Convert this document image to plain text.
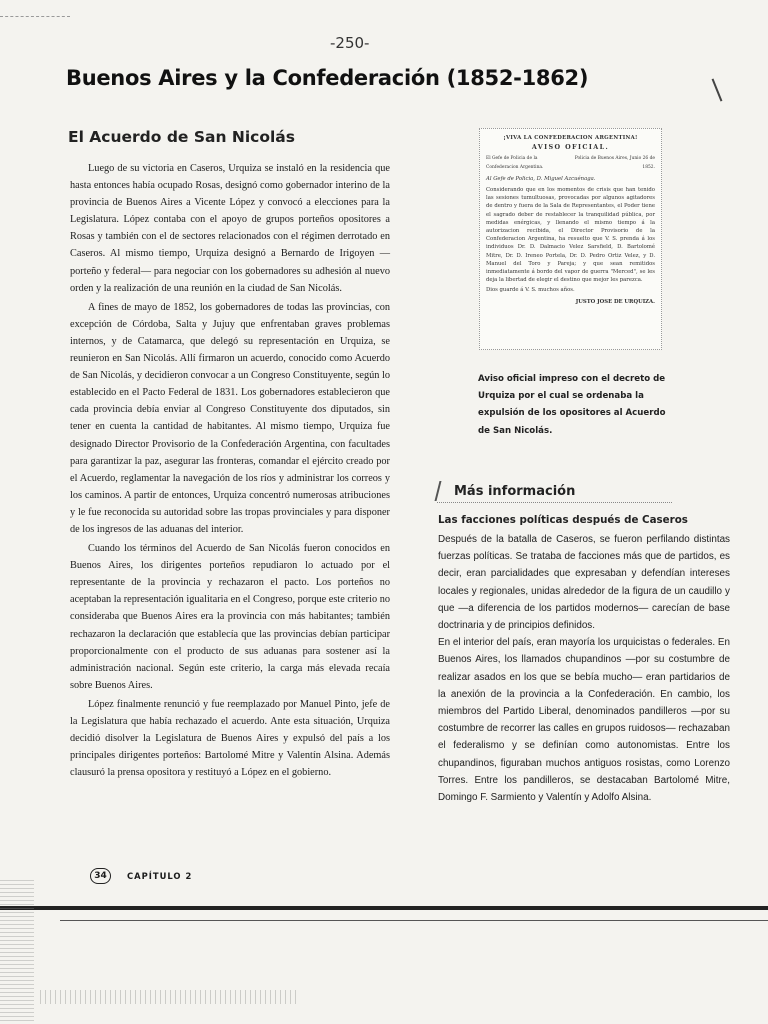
-250-
Buenos Aires y la Confederación (1852-1862)
El Acuerdo de San Nicolás

Luego de su victoria en Caseros, Urquiza se instaló en la residencia que hasta entonces había ocupado Rosas, designó como gobernador interino de la provincia de Buenos Aires a Vicente López y convocó a elecciones para la Legislatura. López contaba con el apoyo de grupos porteños opositores a Rosas y también con el de sectores relacionados con el régimen derrotado en Caseros. Al mismo tiempo, Urquiza designó a Bernardo de Irigoyen —porteño y federal— para negociar con los gobernadores su adhesión al nuevo orden y la realización de una reunión en la ciudad de San Nicolás.

A fines de mayo de 1852, los gobernadores de todas las provincias, con excepción de Córdoba, Salta y Jujuy que enfrentaban graves problemas internos, y de Catamarca, que delegó su representación en Urquiza, se reunieron en San Nicolás. Allí firmaron un acuerdo, conocido como Acuerdo de San Nicolás, y decidieron convocar a un Congreso Constituyente, según lo establecido en el Pacto Federal de 1831. Los gobernadores establecieron que cada provincia debía enviar al Congreso Constituyente dos diputados, sin tener en cuenta la cantidad de habitantes. Al mismo tiempo, Urquiza fue designado Director Provisorio de la Confederación Argentina, con facultades para garantizar la paz, asegurar las fronteras, comandar el ejército creado por el Acuerdo, reglamentar la navegación de los ríos y administrar los correos y los caminos. A partir de entonces, Urquiza concentró numerosas atribuciones y le fue reconocida su autoridad sobre las tropas provinciales y para disponer de los ingresos de las aduanas del interior.

Cuando los términos del Acuerdo de San Nicolás fueron conocidos en Buenos Aires, los dirigentes porteños repudiaron lo actuado por el representante de la provincia y rechazaron el pacto. Los porteños no aceptaban la representación igualitaria en el Congreso, porque este criterio no consideraba que Buenos Aires era la provincia con más habitantes; también rechazaron la declaración que establecía que las provincias debían participar proporcionalmente con el producto de sus aduanas para sostener así la administración nacional. Según este criterio, la carga más elevada recaía sobre Buenos Aires.

López finalmente renunció y fue reemplazado por Manuel Pinto, jefe de la Legislatura que había rechazado el acuerdo. Ante esta situación, Urquiza decidió disolver la Legislatura de Buenos Aires y expulsó del país a los principales dirigentes porteños: Bartolomé Mitre y Valentín Alsina. Además clausuró la prensa opositora y restituyó a López en el gobierno.

¡VIVA LA CONFEDERACION ARGENTINA!
AVISO OFICIAL.
El Gefe de Policia de la Confederacion Argentina.
Policia de Buenos Aires, Junio 26 de 1852.
Al Gefe de Policia, D. Miguel Azcuénaga.
Considerando que en los momentos de crisis que han tenido las sesiones tumultuosas, provocadas por algunos agitadores de dentro y fuera de la Sala de Representantes, el Poder tiene el sagrado deber de restablecer la tranquilidad pública, por medidas enérgicas, y llenando el mismo tiempo á la autorizacion recibida, el Director Provisorio de la Confederacion Argentina, ha resuelto que V. S. prenda á los individuos Dr. D. Dalmacio Velez Sarsfield, D. Bartolomé Mitre, Dr. D. Ireneo Portela, Dr. D. Pedro Ortiz Velez, y D. Manuel del Toro y Pareja; y que sean remitidos inmediatamente á bordo del vapor de guerra "Merced", se les deja la libertad de elegir el destino que mejor les parezca.
Dios guarde á V. S. muchos años.
JUSTO JOSE DE URQUIZA.
Aviso oficial impreso con el decreto de Urquiza por el cual se ordenaba la expulsión de los opositores al Acuerdo de San Nicolás.
Más información
Las facciones políticas después de Caseros

Después de la batalla de Caseros, se fueron perfilando distintas fuerzas políticas. Se trataba de facciones más que de partidos, es decir, eran parcialidades que expresaban y defendían intereses locales y regionales, unidas alrededor de la figura de un caudillo y que —a diferencia de los partidos modernos— carecían de base doctrinaria y de principios definidos.

En el interior del país, eran mayoría los urquicistas o federales. En Buenos Aires, los llamados chupandinos —por su costumbre de realizar asados en los que se bebía mucho— eran partidarios de la anexión de la provincia a la Confederación. En cambio, los miembros del Partido Liberal, denominados pandilleros —por su costumbre de recorrer las calles en grupos ruidosos— rechazaban el federalismo y se definían como autonomistas. Entre los chupandinos, figuraban muchos antiguos rosistas, como Lorenzo Torres. Entre los pandilleros, se destacaban Bartolomé Mitre, Domingo F. Sarmiento y Valentín y Adolfo Alsina.

34	CAPÍTULO 2
